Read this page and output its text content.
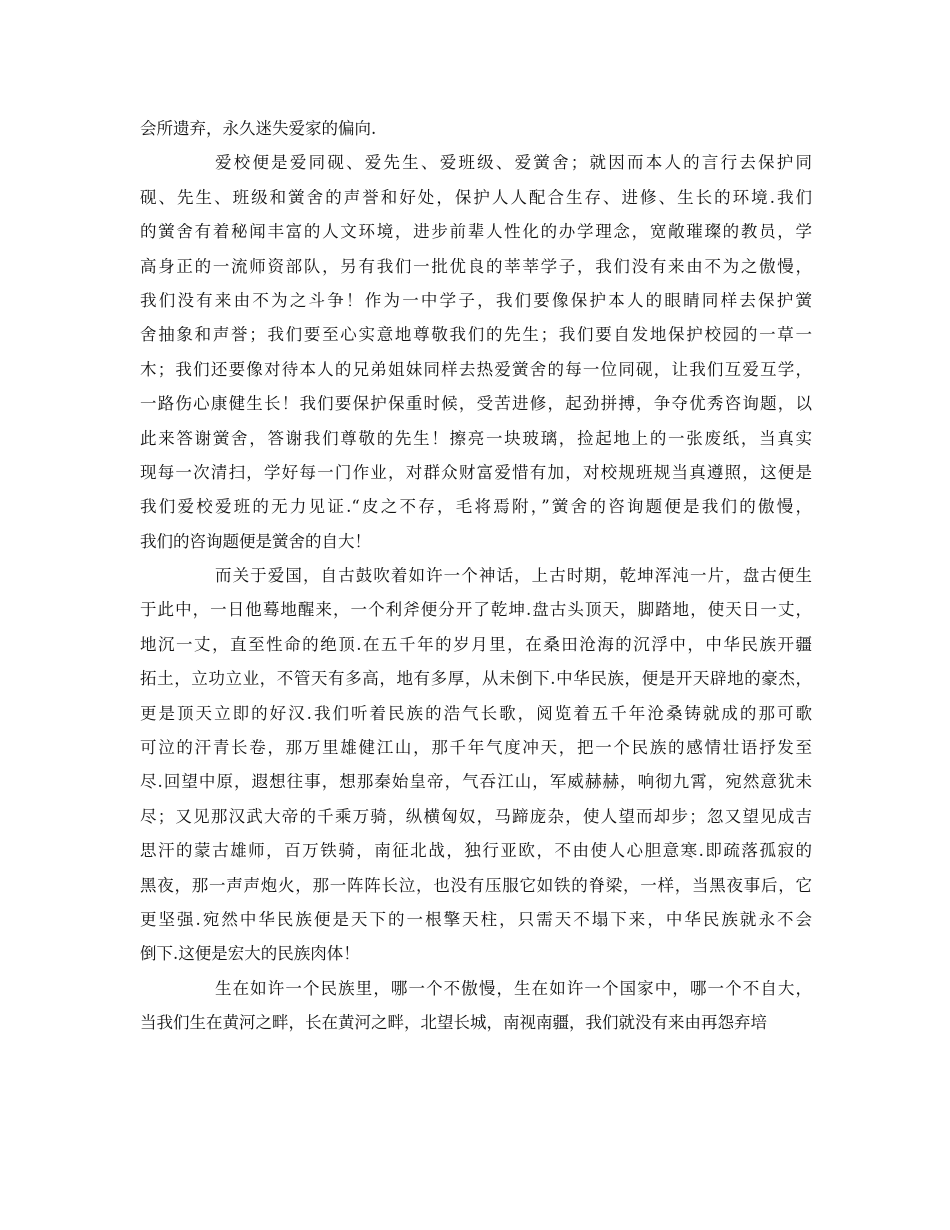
会所遗弃，永久迷失爱家的偏向.
爱校便是爱同砚、爱先生、爱班级、爱黉舍；就因而本人的言行去保护同
砚、先生、班级和黉舍的声誉和好处，保护人人配合生存、进修、生长的环境.我们
的黉舍有着秘闻丰富的人文环境，进步前辈人性化的办学理念，宽敞璀璨的教员，学
高身正的一流师资部队，另有我们一批优良的莘莘学子，我们没有来由不为之傲慢，
我们没有来由不为之斗争！作为一中学子，我们要像保护本人的眼睛同样去保护黉
舍抽象和声誉；我们要至心实意地尊敬我们的先生；我们要自发地保护校园的一草一
木；我们还要像对待本人的兄弟姐妹同样去热爱黉舍的每一位同砚，让我们互爱互学，
一路伤心康健生长！我们要保护保重时候，受苦进修，起劲拼搏，争夺优秀咨询题，以
此来答谢黉舍，答谢我们尊敬的先生！擦亮一块玻璃，捡起地上的一张废纸，当真实
现每一次清扫，学好每一门作业，对群众财富爱惜有加，对校规班规当真遵照，这便是
我们爱校爱班的无力见证.“皮之不存，毛将焉附，”黉舍的咨询题便是我们的傲慢，
我们的咨询题便是黉舍的自大！
而关于爱国，自古鼓吹着如许一个神话，上古时期，乾坤浑沌一片，盘古便生
于此中，一日他蓦地醒来，一个利斧便分开了乾坤.盘古头顶天，脚踏地，使天日一丈，
地沉一丈，直至性命的绝顶.在五千年的岁月里，在桑田沧海的沉浮中，中华民族开疆
拓土，立功立业，不管天有多高，地有多厚，从未倒下.中华民族，便是开天辟地的豪杰，
更是顶天立即的好汉.我们听着民族的浩气长歌，阅览着五千年沧桑铸就成的那可歌
可泣的汗青长卷，那万里雄健江山，那千年气度冲天，把一个民族的感情壮语抒发至
尽.回望中原，遐想往事，想那秦始皇帝，气吞江山，军威赫赫，响彻九霄，宛然意犹未
尽；又见那汉武大帝的千乘万骑，纵横匈奴，马蹄庞杂，使人望而却步；忽又望见成吉
思汗的蒙古雄师，百万铁骑，南征北战，独行亚欧，不由使人心胆意寒.即疏落孤寂的
黑夜，那一声声炮火，那一阵阵长泣，也没有压服它如铁的脊梁，一样，当黑夜事后，它
更坚强.宛然中华民族便是天下的一根擎天柱，只需天不塌下来，中华民族就永不会
倒下.这便是宏大的民族肉体！
生在如许一个民族里，哪一个不傲慢，生在如许一个国家中，哪一个不自大，
当我们生在黄河之畔，长在黄河之畔，北望长城，南视南疆，我们就没有来由再怨弃培
